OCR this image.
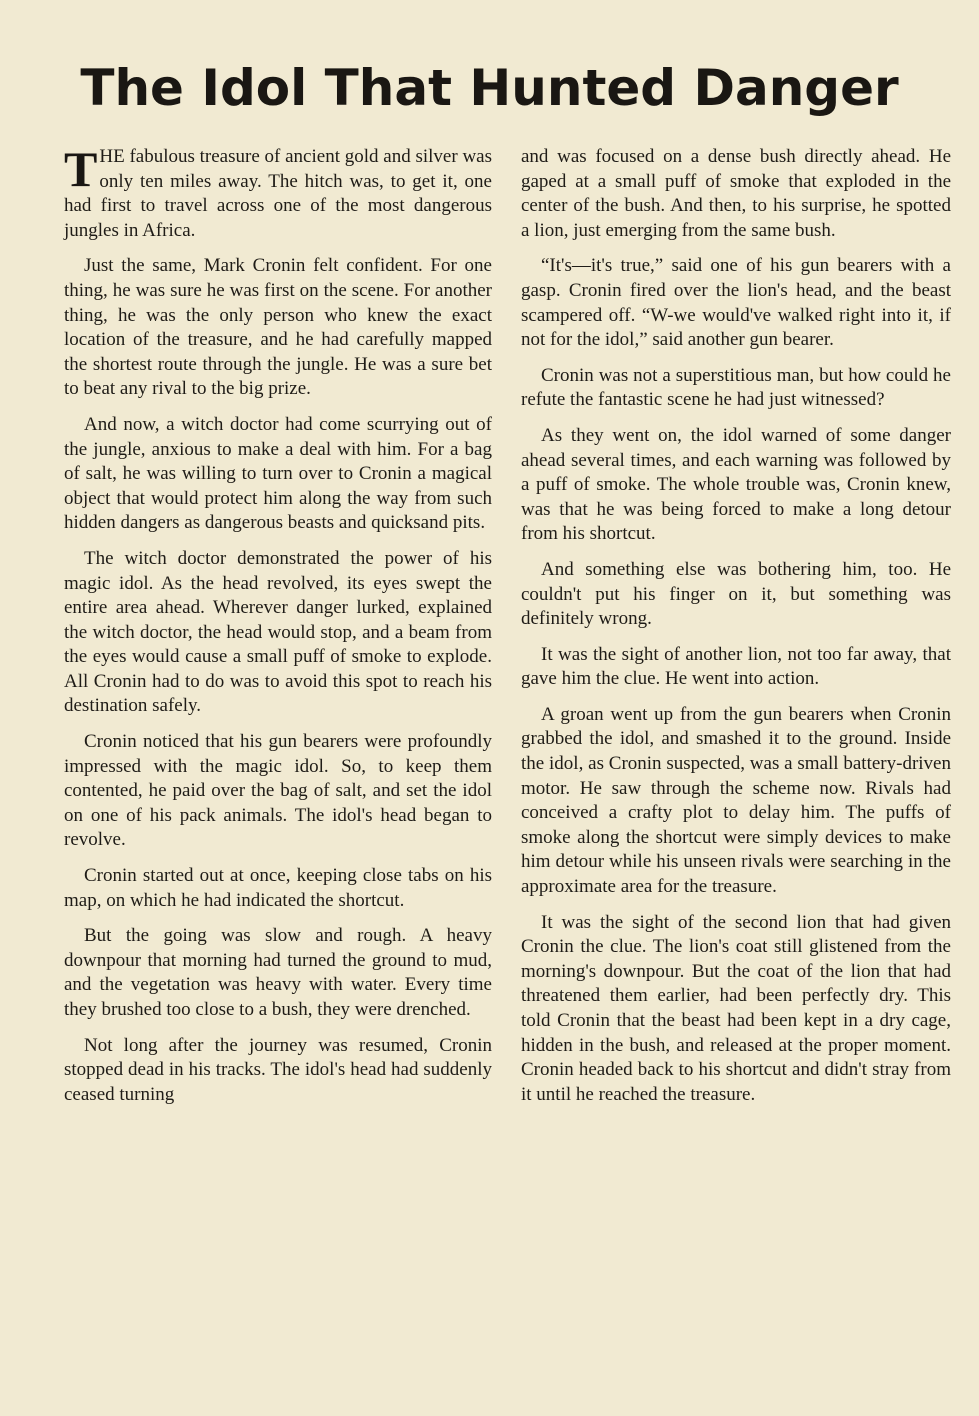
The Idol That Hunted Danger

THE fabulous treasure of ancient gold and silver was only ten miles away. The hitch was, to get it, one had first to travel across one of the most dangerous jungles in Africa.

Just the same, Mark Cronin felt confident. For one thing, he was sure he was first on the scene. For another thing, he was the only person who knew the exact location of the treasure, and he had carefully mapped the shortest route through the jungle. He was a sure bet to beat any rival to the big prize.

And now, a witch doctor had come scurrying out of the jungle, anxious to make a deal with him. For a bag of salt, he was willing to turn over to Cronin a magical object that would protect him along the way from such hidden dangers as dangerous beasts and quicksand pits.

The witch doctor demonstrated the power of his magic idol. As the head revolved, its eyes swept the entire area ahead. Wherever danger lurked, explained the witch doctor, the head would stop, and a beam from the eyes would cause a small puff of smoke to explode. All Cronin had to do was to avoid this spot to reach his destination safely.

Cronin noticed that his gun bearers were profoundly impressed with the magic idol. So, to keep them contented, he paid over the bag of salt, and set the idol on one of his pack animals. The idol's head began to revolve.

Cronin started out at once, keeping close tabs on his map, on which he had indicated the shortcut.

But the going was slow and rough. A heavy downpour that morning had turned the ground to mud, and the vegetation was heavy with water. Every time they brushed too close to a bush, they were drenched.

Not long after the journey was resumed, Cronin stopped dead in his tracks. The idol's head had suddenly ceased turning

and was focused on a dense bush directly ahead. He gaped at a small puff of smoke that exploded in the center of the bush. And then, to his surprise, he spotted a lion, just emerging from the same bush.

“It's—it's true,” said one of his gun bearers with a gasp. Cronin fired over the lion's head, and the beast scampered off. “W-we would've walked right into it, if not for the idol,” said another gun bearer.

Cronin was not a superstitious man, but how could he refute the fantastic scene he had just witnessed?

As they went on, the idol warned of some danger ahead several times, and each warning was followed by a puff of smoke. The whole trouble was, Cronin knew, was that he was being forced to make a long detour from his shortcut.

And something else was bothering him, too. He couldn't put his finger on it, but something was definitely wrong.

It was the sight of another lion, not too far away, that gave him the clue. He went into action.

A groan went up from the gun bearers when Cronin grabbed the idol, and smashed it to the ground. Inside the idol, as Cronin suspected, was a small battery-driven motor. He saw through the scheme now. Rivals had conceived a crafty plot to delay him. The puffs of smoke along the shortcut were simply devices to make him detour while his unseen rivals were searching in the approximate area for the treasure.

It was the sight of the second lion that had given Cronin the clue. The lion's coat still glistened from the morning's downpour. But the coat of the lion that had threatened them earlier, had been perfectly dry. This told Cronin that the beast had been kept in a dry cage, hidden in the bush, and released at the proper moment. Cronin headed back to his shortcut and didn't stray from it until he reached the treasure.
